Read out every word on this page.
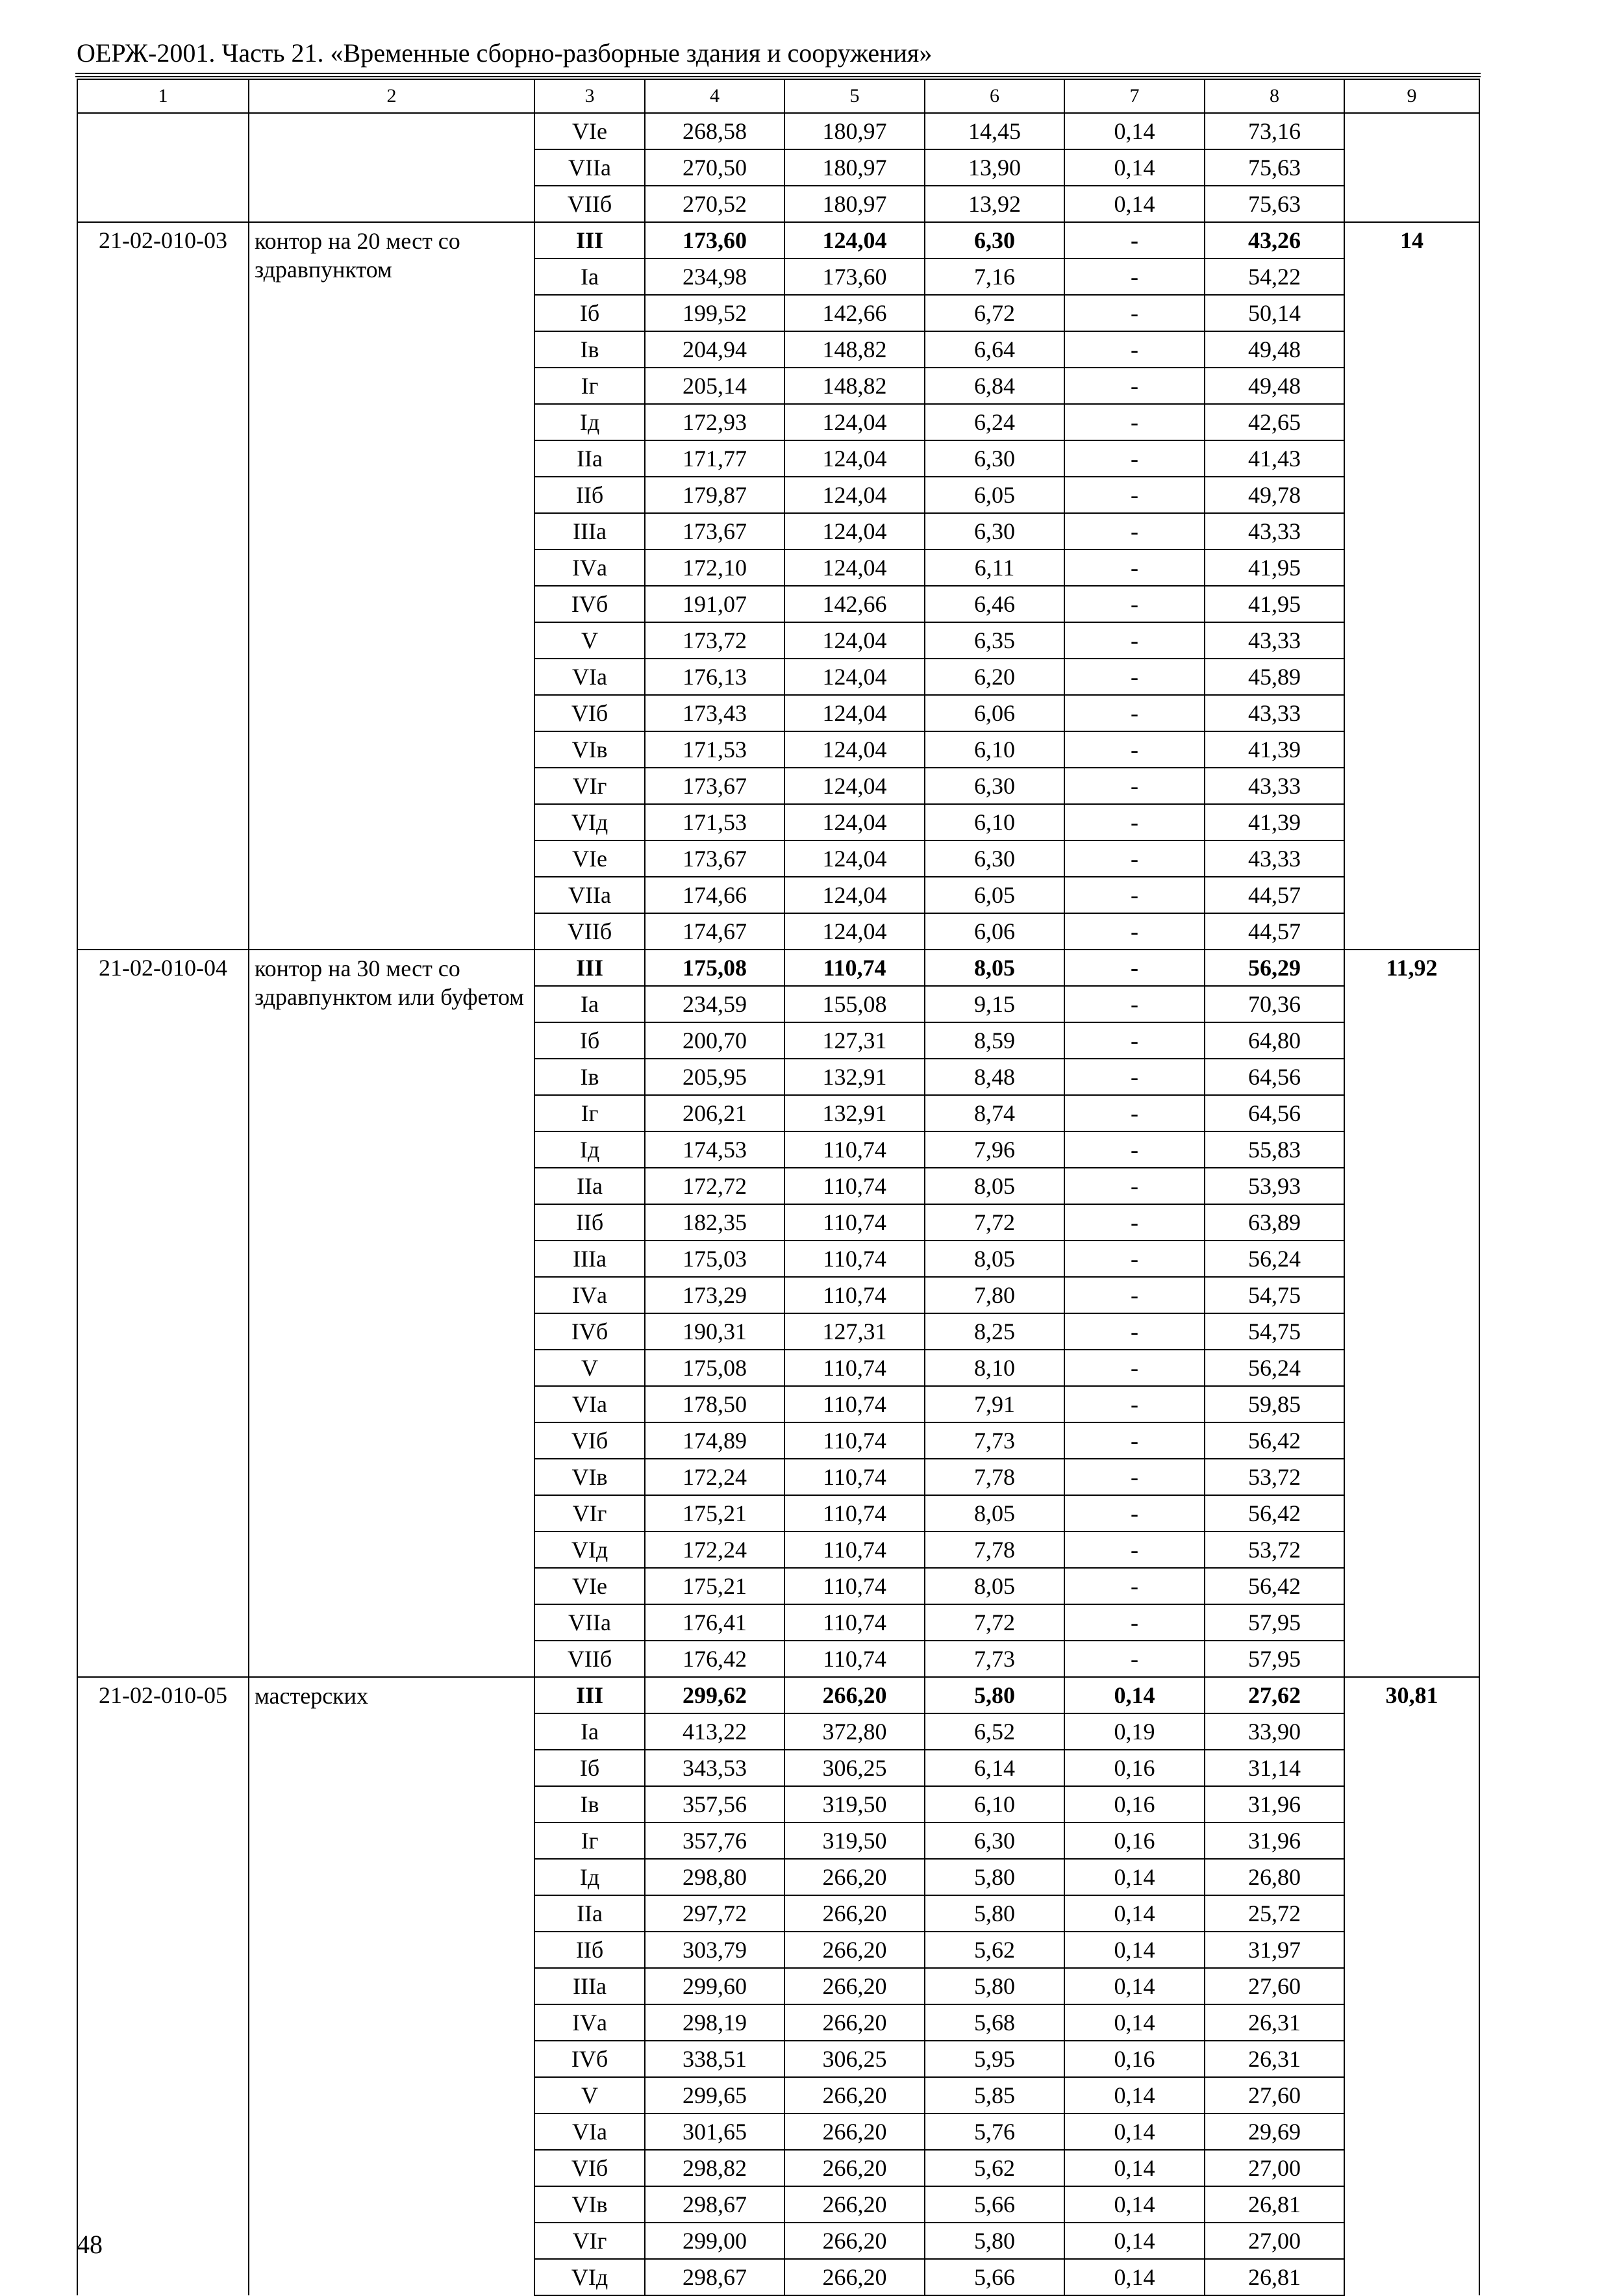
ОЕРЖ-2001. Часть 21. «Временные сборно-разборные здания и сооружения»
1	2	3	4	5	6	7	8	9
		VIе	268,58	180,97	14,45	0,14	73,16	
		VIIа	270,50	180,97	13,90	0,14	75,63	
		VIIб	270,52	180,97	13,92	0,14	75,63	
21-02-010-03	контор на 20 мест со здравпунктом	III	173,60	124,04	6,30	-	43,26	14
		Iа	234,98	173,60	7,16	-	54,22	
		Iб	199,52	142,66	6,72	-	50,14	
		Iв	204,94	148,82	6,64	-	49,48	
		Iг	205,14	148,82	6,84	-	49,48	
		Iд	172,93	124,04	6,24	-	42,65	
		IIа	171,77	124,04	6,30	-	41,43	
		IIб	179,87	124,04	6,05	-	49,78	
		IIIа	173,67	124,04	6,30	-	43,33	
		IVа	172,10	124,04	6,11	-	41,95	
		IVб	191,07	142,66	6,46	-	41,95	
		V	173,72	124,04	6,35	-	43,33	
		VIа	176,13	124,04	6,20	-	45,89	
		VIб	173,43	124,04	6,06	-	43,33	
		VIв	171,53	124,04	6,10	-	41,39	
		VIг	173,67	124,04	6,30	-	43,33	
		VIд	171,53	124,04	6,10	-	41,39	
		VIе	173,67	124,04	6,30	-	43,33	
		VIIа	174,66	124,04	6,05	-	44,57	
		VIIб	174,67	124,04	6,06	-	44,57	
21-02-010-04	контор на 30 мест со здравпунктом или буфетом	III	175,08	110,74	8,05	-	56,29	11,92
		Iа	234,59	155,08	9,15	-	70,36	
		Iб	200,70	127,31	8,59	-	64,80	
		Iв	205,95	132,91	8,48	-	64,56	
		Iг	206,21	132,91	8,74	-	64,56	
		Iд	174,53	110,74	7,96	-	55,83	
		IIа	172,72	110,74	8,05	-	53,93	
		IIб	182,35	110,74	7,72	-	63,89	
		IIIа	175,03	110,74	8,05	-	56,24	
		IVа	173,29	110,74	7,80	-	54,75	
		IVб	190,31	127,31	8,25	-	54,75	
		V	175,08	110,74	8,10	-	56,24	
		VIа	178,50	110,74	7,91	-	59,85	
		VIб	174,89	110,74	7,73	-	56,42	
		VIв	172,24	110,74	7,78	-	53,72	
		VIг	175,21	110,74	8,05	-	56,42	
		VIд	172,24	110,74	7,78	-	53,72	
		VIе	175,21	110,74	8,05	-	56,42	
		VIIа	176,41	110,74	7,72	-	57,95	
		VIIб	176,42	110,74	7,73	-	57,95	
21-02-010-05	мастерских	III	299,62	266,20	5,80	0,14	27,62	30,81
		Iа	413,22	372,80	6,52	0,19	33,90	
		Iб	343,53	306,25	6,14	0,16	31,14	
		Iв	357,56	319,50	6,10	0,16	31,96	
		Iг	357,76	319,50	6,30	0,16	31,96	
		Iд	298,80	266,20	5,80	0,14	26,80	
		IIа	297,72	266,20	5,80	0,14	25,72	
		IIб	303,79	266,20	5,62	0,14	31,97	
		IIIа	299,60	266,20	5,80	0,14	27,60	
		IVа	298,19	266,20	5,68	0,14	26,31	
		IVб	338,51	306,25	5,95	0,16	26,31	
		V	299,65	266,20	5,85	0,14	27,60	
		VIа	301,65	266,20	5,76	0,14	29,69	
		VIб	298,82	266,20	5,62	0,14	27,00	
		VIв	298,67	266,20	5,66	0,14	26,81	
		VIг	299,00	266,20	5,80	0,14	27,00	
		VIд	298,67	266,20	5,66	0,14	26,81	
48
